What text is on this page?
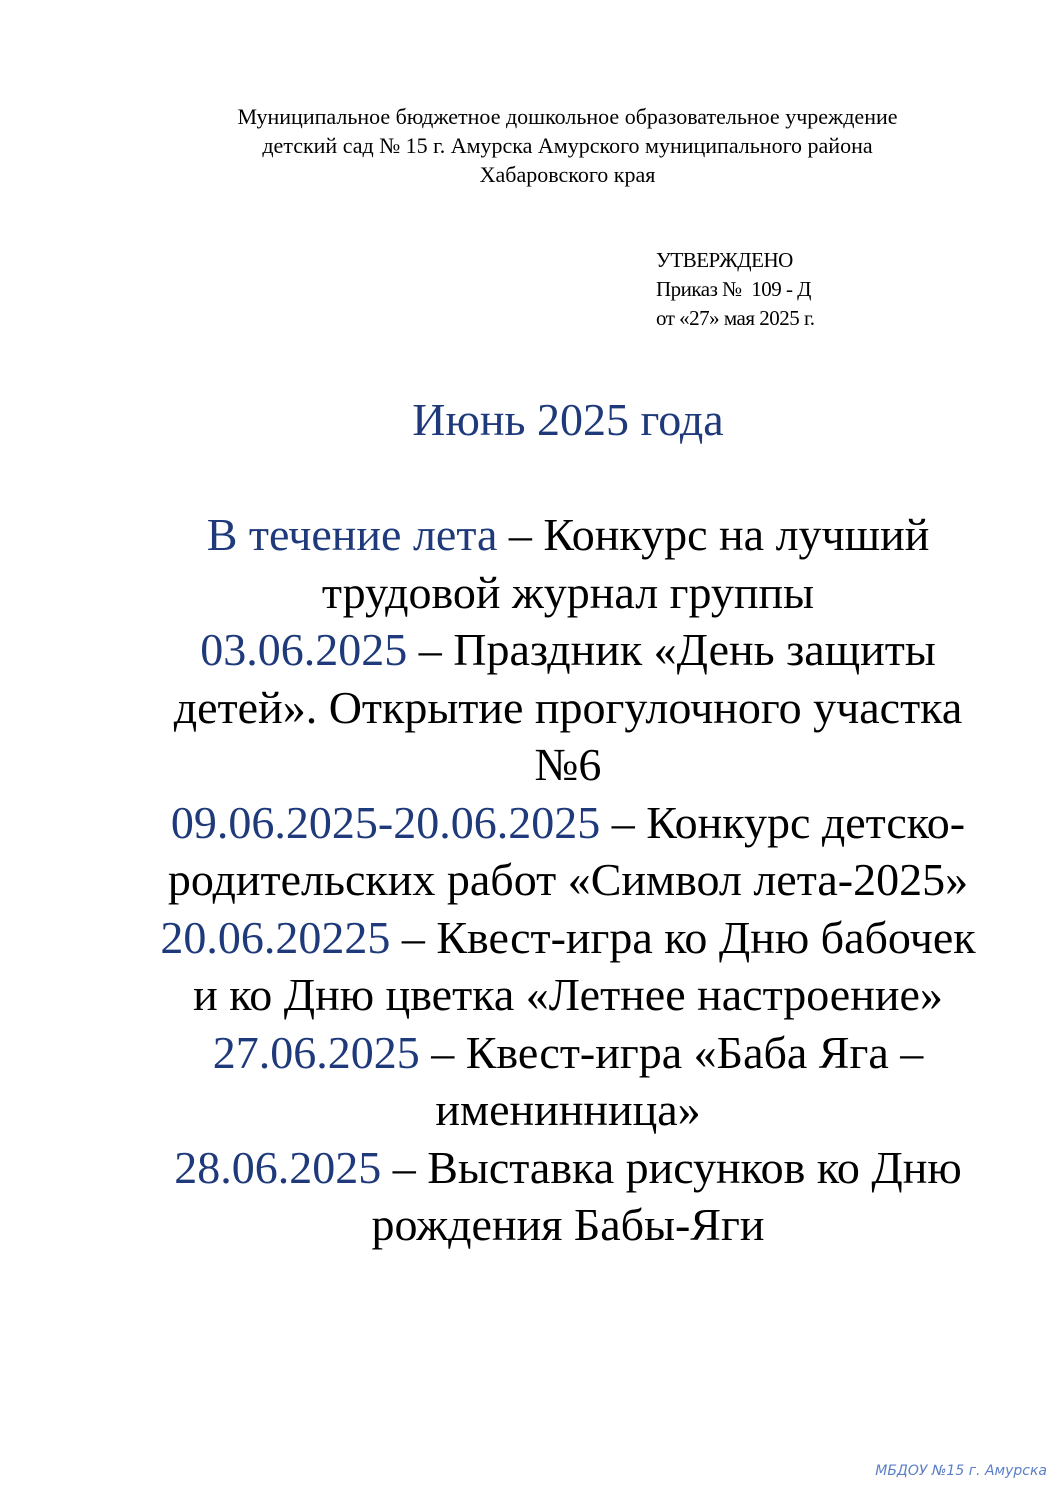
Муниципальное бюджетное дошкольное образовательное учреждение
детский сад № 15 г. Амурска Амурского муниципального района
Хабаровского края
УТВЕРЖДЕНО
Приказ №  109 - Д
от «27» мая 2025 г.
Июнь 2025 года

В течение лета – Конкурс на лучший трудовой журнал группы

03.06.2025 – Праздник «День защиты детей». Открытие прогулочного участка №6

09.06.2025-20.06.2025 – Конкурс детско-родительских работ «Символ лета-2025»

20.06.20225 – Квест-игра ко Дню бабочек и ко Дню цветка «Летнее настроение»

27.06.2025 – Квест-игра «Баба Яга – именинница»

28.06.2025 – Выставка рисунков ко Дню рождения Бабы-Яги

МБДОУ №15 г. Амурска
